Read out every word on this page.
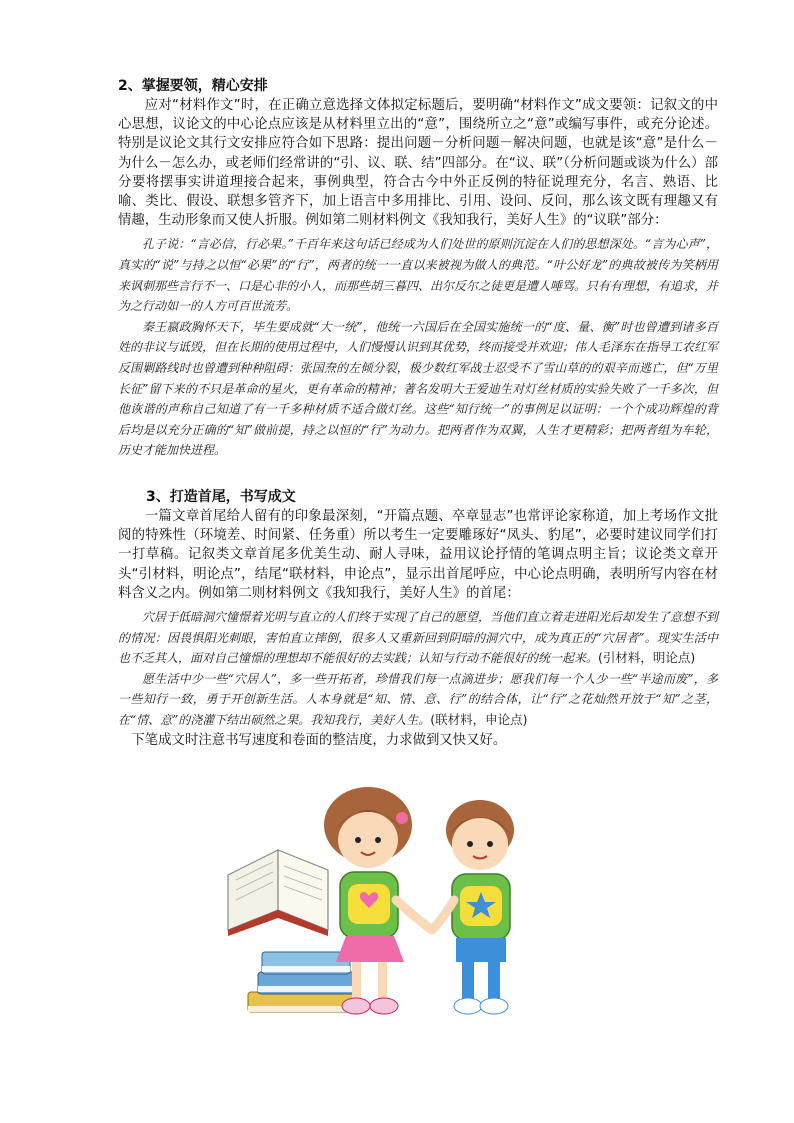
2、掌握要领，精心安排

应对“材料作文”时，在正确立意选择文体拟定标题后，要明确“材料作文”成文要领：记叙文的中心思想，议论文的中心论点应该是从材料里立出的“意”，围绕所立之“意”或编写事件，或充分论述。特别是议论文其行文安排应符合如下思路：提出问题－分析问题－解决问题，也就是该“意”是什么－为什么－怎么办，或老师们经常讲的“引、议、联、结”四部分。在“议、联”（分析问题或谈为什么）部分要将摆事实讲道理接合起来，事例典型，符合古今中外正反例的特征说理充分，名言、熟语、比喻、类比、假设、联想多管齐下，加上语言中多用排比、引用、设问、反问，那么该文既有理趣又有情趣，生动形象而又使人折服。例如第二则材料例文《我知我行，美好人生》的“议联”部分：

孔子说：“言必信，行必果。”千百年来这句话已经成为人们处世的原则沉淀在人们的思想深处。“言为心声”，真实的“说”与持之以恒“必果”的“行”，两者的统一一直以来被视为做人的典范。“叶公好龙”的典故被传为笑柄用来讽刺那些言行不一、口是心非的小人，而那些胡三暮四、出尔反尔之徒更是遭人唾骂。只有有理想，有追求，并为之行动如一的人方可百世流芳。

秦王嬴政胸怀天下，毕生要成就“大一统”，他统一六国后在全国实施统一的“度、量、衡”时也曾遭到诸多百姓的非议与诋毁，但在长期的使用过程中，人们慢慢认识到其优势，终而接受并欢迎；伟人毛泽东在指导工农红军反围剿路线时也曾遭到种种阻碍：张国焘的左倾分裂，极少数红军战士忍受不了雪山草的的艰辛而逃亡，但“万里长征”留下来的不只是革命的星火，更有革命的精神；著名发明大王爱迪生对灯丝材质的实验失败了一千多次，但他诙谐的声称自己知道了有一千多种材质不适合做灯丝。这些“知行统一”的事例足以证明：一个个成功辉煌的背后均是以充分正确的“知”做前提，持之以恒的“行”为动力。把两者作为双翼，人生才更精彩；把两者组为车轮，历史才能加快进程。

3、打造首尾，书写成文

一篇文章首尾给人留有的印象最深刻，“开篇点题、卒章显志”也常评论家称道，加上考场作文批阅的特殊性（环境差、时间紧、任务重）所以考生一定要雕琢好“凤头、豹尾”，必要时建议同学们打一打草稿。记叙类文章首尾多优美生动、耐人寻味，益用议论抒情的笔调点明主旨；议论类文章开头“引材料，明论点”，结尾“联材料，申论点”，显示出首尾呼应，中心论点明确，表明所写内容在材料含义之内。例如第二则材料例文《我知我行，美好人生》的首尾：

穴居于低暗洞穴憧憬着光明与直立的人们终于实现了自己的愿望，当他们直立着走进阳光后却发生了意想不到的情况：因畏惧阳光刺眼，害怕直立摔倒，很多人又重新回到阴暗的洞穴中，成为真正的“穴居者”。现实生活中也不乏其人，面对自己憧憬的理想却不能很好的去实践；认知与行动不能很好的统一起来。(引材料，明论点)

愿生活中少一些“穴居人”，多一些开拓者，珍惜我们每一点滴进步；愿我们每一个人少一些“半途而废”，多一些知行一致，勇于开创新生活。人本身就是“知、情、意、行”的结合体，让“行”之花灿然开放于“知”之茎，在“情、意”的浇灌下结出硕然之果。我知我行，美好人生。(联材料，申论点)

下笔成文时注意书写速度和卷面的整洁度，力求做到又快又好。
